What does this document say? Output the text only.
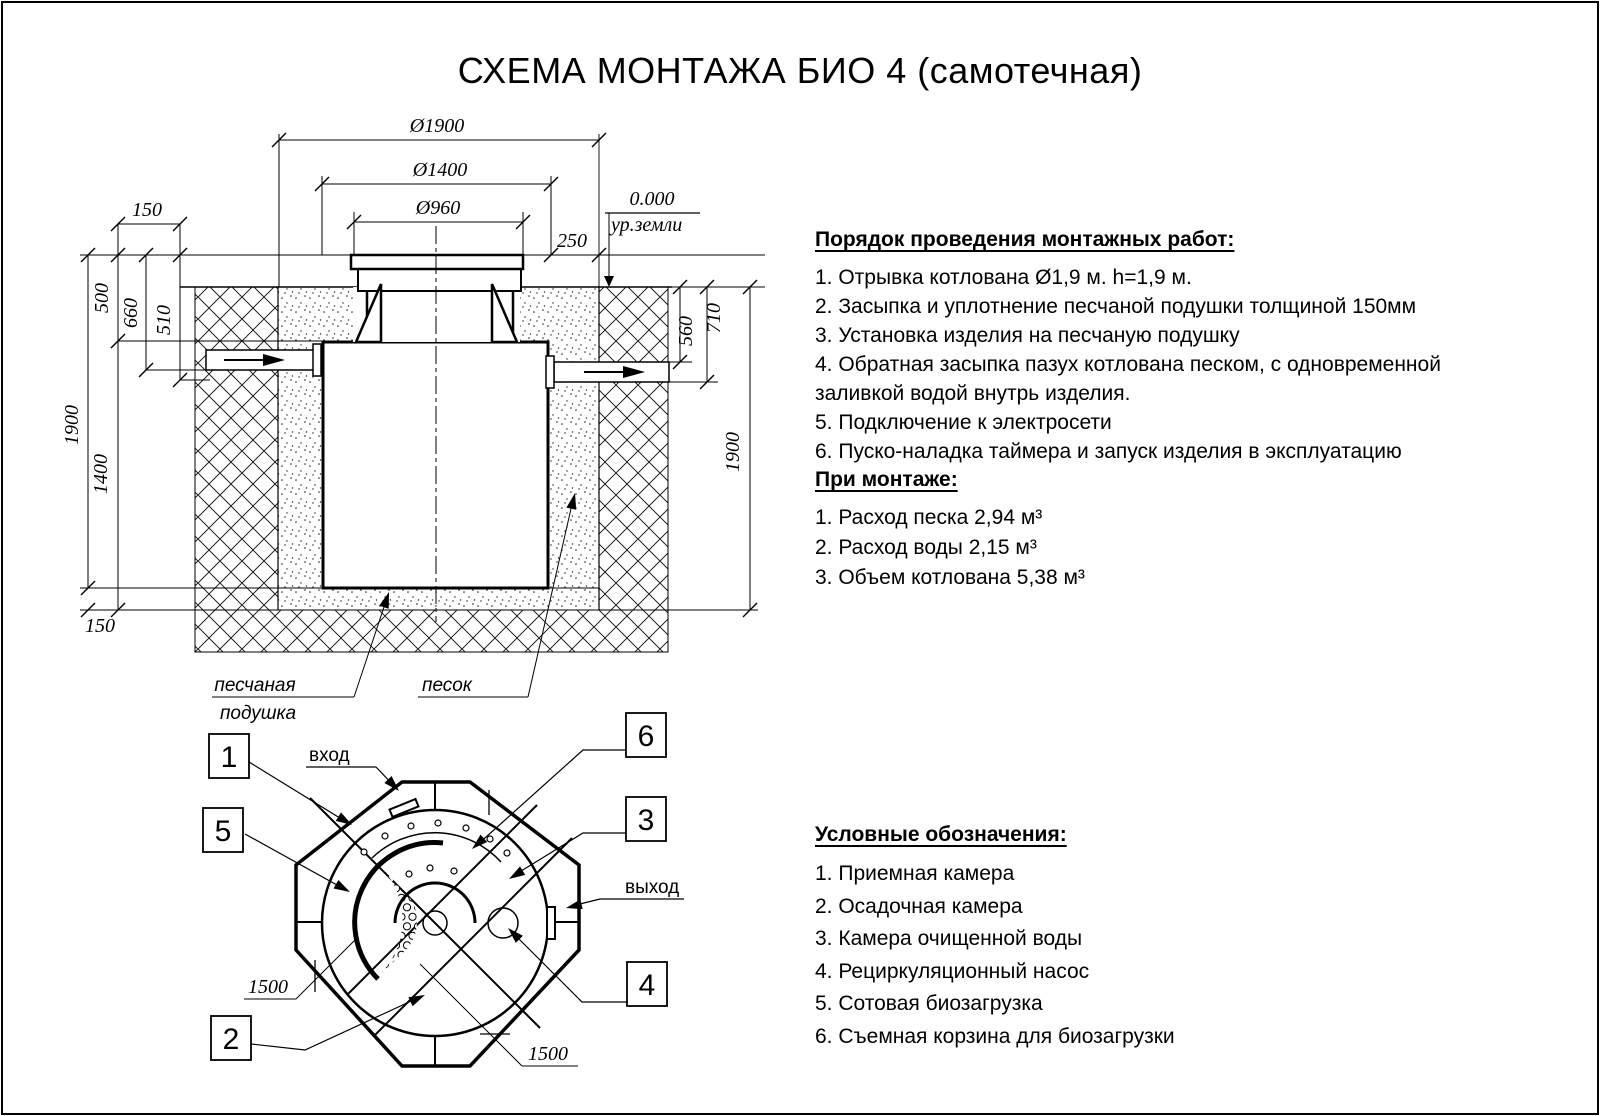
СХЕМА МОНТАЖА БИО 4 (самотечная)
Ø1900
Ø1400
Ø960
150
250
0.000
ур.земли
500 660 510
1900
1400
150
560 710
1900
песчаная
подушка
песок
1
5
2
6
3
4
вход
выход
1500
1500
Порядок проведения монтажных работ:
1. Отрывка котлована Ø1,9 м. h=1,9 м.
2. Засыпка и уплотнение песчаной подушки толщиной 150мм
3. Установка изделия на песчаную подушку
4. Обратная засыпка пазух котлована песком, с одновременной заливкой водой внутрь изделия.
5. Подключение к электросети
6. Пуско-наладка таймера и запуск изделия в эксплуатацию
При монтаже:
1. Расход песка 2,94 м³
2. Расход воды 2,15 м³
3. Объем котлована 5,38 м³
Условные обозначения:
1. Приемная камера
2. Осадочная камера
3. Камера очищенной воды
4. Рециркуляционный насос
5. Сотовая биозагрузка
6. Съемная корзина для биозагрузки
